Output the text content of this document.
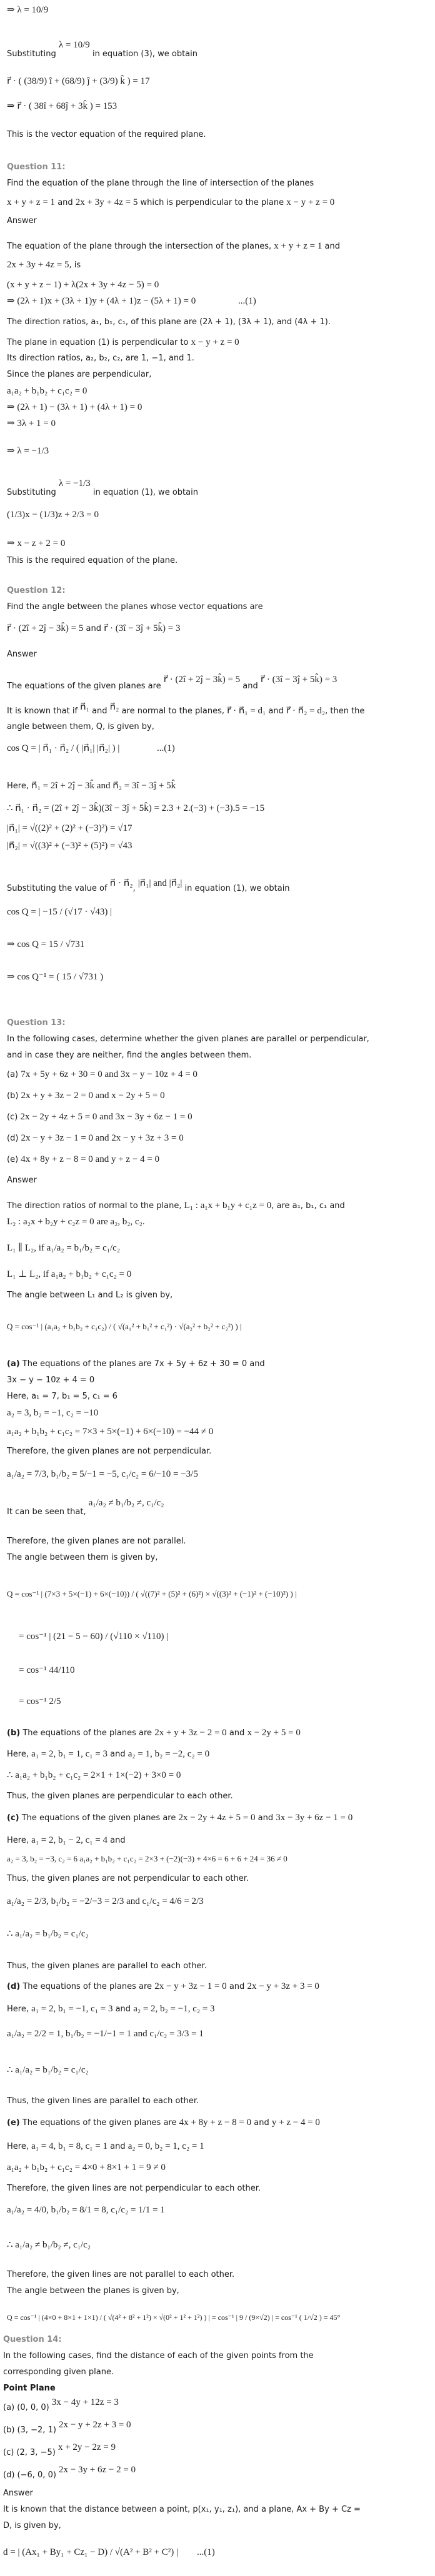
⇒ λ = 10/9
Substituting λ = 10/9 in equation (3), we obtain
r⃗ · ( (38/9) î + (68/9) ĵ + (3/9) k̂ ) = 17
⇒ r⃗ · ( 38î + 68ĵ + 3k̂ ) = 153
This is the vector equation of the required plane.
Question 11:
Find the equation of the plane through the line of intersection of the planes
x + y + z = 1 and 2x + 3y + 4z = 5 which is perpendicular to the plane x − y + z = 0
Answer
The equation of the plane through the intersection of the planes, x + y + z = 1 and
2x + 3y + 4z = 5, is
(x + y + z − 1) + λ(2x + 3y + 4z − 5) = 0
⇒ (2λ + 1)x + (3λ + 1)y + (4λ + 1)z − (5λ + 1) = 0	...(1)
The direction ratios, a₁, b₁, c₁, of this plane are (2λ + 1), (3λ + 1), and (4λ + 1).
The plane in equation (1) is perpendicular to x − y + z = 0
Its direction ratios, a₂, b₂, c₂, are 1, −1, and 1.
Since the planes are perpendicular,
a₁a₂ + b₁b₂ + c₁c₂ = 0
⇒ (2λ + 1) − (3λ + 1) + (4λ + 1) = 0
⇒ 3λ + 1 = 0
⇒ λ = −1/3
Substituting λ = −1/3 in equation (1), we obtain
(1/3)x − (1/3)z + 2/3 = 0
⇒ x − z + 2 = 0
This is the required equation of the plane.
Question 12:
Find the angle between the planes whose vector equations are
r⃗ · (2î + 2ĵ − 3k̂) = 5 and r⃗ · (3î − 3ĵ + 5k̂) = 3
Answer
The equations of the given planes are r⃗ · (2î + 2ĵ − 3k̂) = 5 and r⃗ · (3î − 3ĵ + 5k̂) = 3
It is known that if n⃗₁ and n⃗₂ are normal to the planes, r⃗ · n⃗₁ = d₁ and r⃗ · n⃗₂ = d₂, then the
angle between them, Q, is given by,
cos Q = | n⃗₁ · n⃗₂ / ( |n⃗₁| |n⃗₂| ) |	...(1)
Here, n⃗₁ = 2î + 2ĵ − 3k̂ and n⃗₂ = 3î − 3ĵ + 5k̂
∴ n⃗₁ · n⃗₂ = (2î + 2ĵ − 3k̂)(3î − 3ĵ + 5k̂) = 2.3 + 2.(−3) + (−3).5 = −15
|n⃗₁| = √((2)² + (2)² + (−3)²) = √17
|n⃗₂| = √((3)² + (−3)² + (5)²) = √43
Substituting the value of n⃗ · n⃗₂, |n⃗₁| and |n⃗₂| in equation (1), we obtain
cos Q = | −15 / (√17 · √43) |
⇒ cos Q = 15 / √731
⇒ cos Q⁻¹ = ( 15 / √731 )
Question 13:
In the following cases, determine whether the given planes are parallel or perpendicular,
and in case they are neither, find the angles between them.
(a) 7x + 5y + 6z + 30 = 0 and 3x − y − 10z + 4 = 0
(b) 2x + y + 3z − 2 = 0 and x − 2y + 5 = 0
(c) 2x − 2y + 4z + 5 = 0 and 3x − 3y + 6z − 1 = 0
(d) 2x − y + 3z − 1 = 0 and 2x − y + 3z + 3 = 0
(e) 4x + 8y + z − 8 = 0 and y + z − 4 = 0
Answer
The direction ratios of normal to the plane, L₁ : a₁x + b₁y + c₁z = 0, are a₁, b₁, c₁ and
L₂ : a₂x + b₂y + c₂z = 0 are a₂, b₂, c₂.
L₁ ∥ L₂, if a₁/a₂ = b₁/b₂ = c₁/c₂
L₁ ⊥ L₂, if a₁a₂ + b₁b₂ + c₁c₂ = 0
The angle between L₁ and L₂ is given by,
Q = cos⁻¹ | (a₁a₂ + b₁b₂ + c₁c₂) / ( √(a₁² + b₁² + c₁²) · √(a₂² + b₂² + c₂²) ) |
(a) The equations of the planes are 7x + 5y + 6z + 30 = 0 and
3x − y − 10z + 4 = 0
Here, a₁ = 7, b₁ = 5, c₁ = 6
a₂ = 3, b₂ = −1, c₂ = −10
a₁a₂ + b₁b₂ + c₁c₂ = 7×3 + 5×(−1) + 6×(−10) = −44 ≠ 0
Therefore, the given planes are not perpendicular.
a₁/a₂ = 7/3, b₁/b₂ = 5/−1 = −5, c₁/c₂ = 6/−10 = −3/5
It can be seen that, a₁/a₂ ≠ b₁/b₂ ≠, c₁/c₂
Therefore, the given planes are not parallel.
The angle between them is given by,
Q = cos⁻¹ | (7×3 + 5×(−1) + 6×(−10)) / ( √((7)² + (5)² + (6)²) × √((3)² + (−1)² + (−10)²) ) |
= cos⁻¹ | (21 − 5 − 60) / (√110 × √110) |
= cos⁻¹ 44/110
= cos⁻¹ 2/5
(b) The equations of the planes are 2x + y + 3z − 2 = 0 and x − 2y + 5 = 0
Here, a₁ = 2, b₁ = 1, c₁ = 3 and a₂ = 1, b₂ = −2, c₂ = 0
∴ a₁a₂ + b₁b₂ + c₁c₂ = 2×1 + 1×(−2) + 3×0 = 0
Thus, the given planes are perpendicular to each other.
(c) The equations of the given planes are 2x − 2y + 4z + 5 = 0 and 3x − 3y + 6z − 1 = 0
Here, a₁ = 2, b₁ − 2, c₁ = 4 and
a₂ = 3, b₂ = −3, c₂ = 6 a₁a₂ + b₁b₂ + c₁c₂ = 2×3 + (−2)(−3) + 4×6 = 6 + 6 + 24 = 36 ≠ 0
Thus, the given planes are not perpendicular to each other.
a₁/a₂ = 2/3, b₁/b₂ = −2/−3 = 2/3 and c₁/c₂ = 4/6 = 2/3
∴ a₁/a₂ = b₁/b₂ = c₁/c₂
Thus, the given planes are parallel to each other.
(d) The equations of the planes are 2x − y + 3z − 1 = 0 and 2x − y + 3z + 3 = 0
Here, a₁ = 2, b₁ = −1, c₁ = 3 and a₂ = 2, b₂ = −1, c₂ = 3
a₁/a₂ = 2/2 = 1, b₁/b₂ = −1/−1 = 1 and c₁/c₂ = 3/3 = 1
∴ a₁/a₂ = b₁/b₂ = c₁/c₂
Thus, the given lines are parallel to each other.
(e) The equations of the given planes are 4x + 8y + z − 8 = 0 and y + z − 4 = 0
Here, a₁ = 4, b₁ = 8, c₁ = 1 and a₂ = 0, b₂ = 1, c₂ = 1
a₁a₂ + b₁b₂ + c₁c₂ = 4×0 + 8×1 + 1 = 9 ≠ 0
Therefore, the given lines are not perpendicular to each other.
a₁/a₂ = 4/0, b₁/b₂ = 8/1 = 8, c₁/c₂ = 1/1 = 1
∴ a₁/a₂ ≠ b₁/b₂ ≠, c₁/c₂
Therefore, the given lines are not parallel to each other.
The angle between the planes is given by,
Q = cos⁻¹ | (4×0 + 8×1 + 1×1) / ( √(4² + 8² + 1²) × √(0² + 1² + 1²) ) | = cos⁻¹ | 9 / (9×√2) | = cos⁻¹ ( 1/√2 ) = 45°
Question 14:
In the following cases, find the distance of each of the given points from the
corresponding given plane.
Point Plane
(a) (0, 0, 0) 3x − 4y + 12z = 3
(b) (3, −2, 1) 2x − y + 2z + 3 = 0
(c) (2, 3, −5) x + 2y − 2z = 9
(d) (−6, 0, 0) 2x − 3y + 6z − 2 = 0
Answer
It is known that the distance between a point, p(x₁, y₁, z₁), and a plane, Ax + By + Cz =
D, is given by,
d = | (Ax₁ + By₁ + Cz₁ − D) / √(A² + B² + C²) | ...(1)
